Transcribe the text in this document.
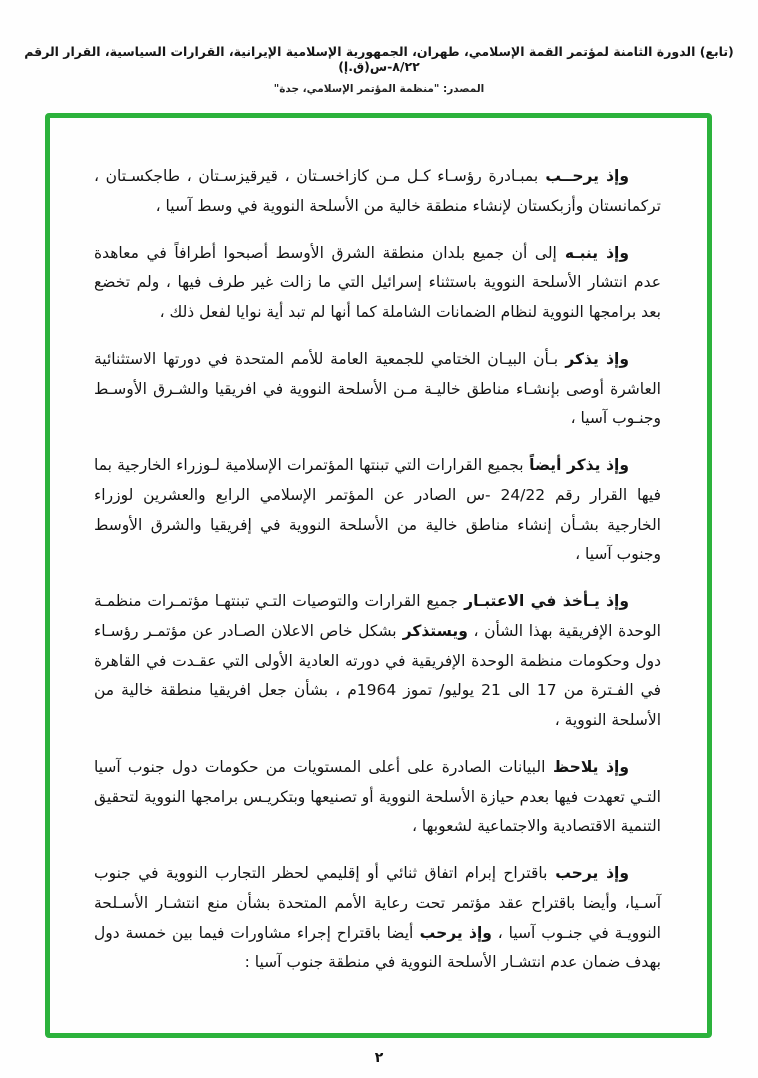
(تابع) الدورة الثامنة لمؤتمر القمة الإسلامي، طهران، الجمهورية الإسلامية الإيرانية، القرارات السياسية، القرار الرقم ٨/٢٢-س(ق.إ)
المصدر: "منظمة المؤتمر الإسلامي، جدة"

وإذ يرحــب بمبـادرة رؤسـاء كـل مـن كازاخسـتان ، قيرقيزسـتان ، طاجكسـتان ، تركمانستان وأزبكستان لإنشاء منطقة خالية من الأسلحة النووية في وسط آسيا ،

وإذ ينبـه إلى أن جميع بلدان منطقة الشرق الأوسط أصبحوا أطرافاً في معاهدة عدم انتشار الأسلحة النووية باستثناء إسرائيل التي ما زالت غير طرف فيها ، ولم تخضع بعد برامجها النووية لنظام الضمانات الشاملة كما أنها لم تبد أية نوايا لفعل ذلك ،

وإذ يذكر بـأن البيـان الختامي للجمعية العامة للأمم المتحدة في دورتها الاستثنائية العاشرة أوصى بإنشـاء مناطق خاليـة مـن الأسلحة النووية في افريقيا والشـرق الأوسـط وجنـوب آسيا ،

وإذ يذكر أيضاً بجميع القرارات التي تبنتها المؤتمرات الإسلامية لـوزراء الخارجية بما فيها القرار رقم 24/22 -س الصادر عن المؤتمر الإسلامي الرابع والعشرين لوزراء الخارجية بشـأن إنشاء مناطق خالية من الأسلحة النووية في إفريقيا والشرق الأوسط وجنوب آسيا ،

وإذ يـأخذ في الاعتبـار جميع القرارات والتوصيات التـي تبنتهـا مؤتمـرات منظمـة الوحدة الإفريقية بهذا الشأن ، ويستذكر بشكل خاص الاعلان الصـادر عن مؤتمـر رؤسـاء دول وحكومات منظمة الوحدة الإفريقية في دورته العادية الأولى التي عقـدت في القاهرة في الفـترة من 17 الى 21 يوليو/ تموز 1964م ، بشأن جعل افريقيا منطقة خالية من الأسلحة النووية ،

وإذ يلاحظ البيانات الصادرة على أعلى المستويات من حكومات دول جنوب آسيا التـي تعهدت فيها بعدم حيازة الأسلحة النووية أو تصنيعها وبتكريـس برامجها النووية لتحقيق التنمية الاقتصادية والاجتماعية لشعوبها ،

وإذ يرحب باقتراح إبرام اتفاق ثنائي أو إقليمي لحظر التجارب النووية في جنوب آسـيا، وأيضا باقتراح عقد مؤتمر تحت رعاية الأمم المتحدة بشأن منع انتشـار الأسـلحة النوويـة في جنـوب آسيا ، وإذ يرحب أيضا باقتراح إجراء مشاورات فيما بين خمسة دول بهدف ضمان عدم انتشـار الأسلحة النووية في منطقة جنوب آسيا :

٢
